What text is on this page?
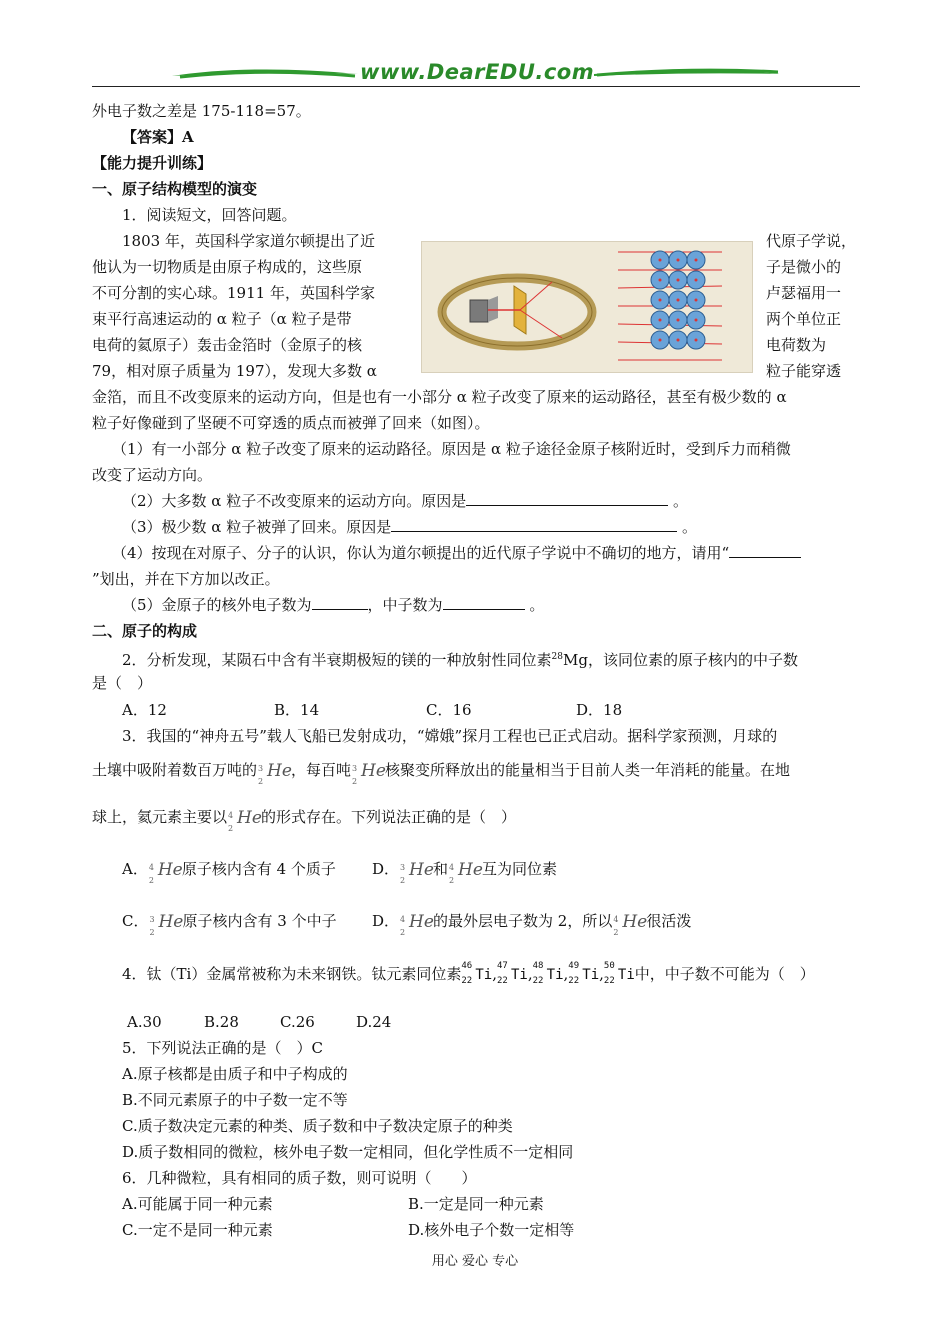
www.DearEDU.com
外电子数之差是 175-118=57。
【答案】A
【能力提升训练】
一、原子结构模型的演变
1．阅读短文，回答问题。
1803 年，英国科学家道尔顿提出了近
他认为一切物质是由原子构成的，这些原
不可分割的实心球。1911 年，英国科学家
束平行高速运动的 α 粒子（α 粒子是带
电荷的氦原子）轰击金箔时（金原子的核
79，相对原子质量为 197），发现大多数 α
代原子学说，
子是微小的
卢瑟福用一
两个单位正
电荷数为
粒子能穿透
金箔，而且不改变原来的运动方向，但是也有一小部分 α 粒子改变了原来的运动路径，甚至有极少数的 α
粒子好像碰到了坚硬不可穿透的质点而被弹了回来（如图）。
（1）有一小部分 α 粒子改变了原来的运动路径。原因是 α 粒子途径金原子核附近时，受到斥力而稍微
改变了运动方向。
（2）大多数 α 粒子不改变原来的运动方向。原因是	。
（3）极少数 α 粒子被弹了回来。原因是	。
（4）按现在对原子、分子的认识，你认为道尔顿提出的近代原子学说中不确切的地方，请用“
”划出，并在下方加以改正。
（5）金原子的核外电子数为	，中子数为	。
二、原子的构成
2．分析发现，某陨石中含有半衰期极短的镁的一种放射性同位素$^{28}$Mg，该同位素的原子核内的中子数
是（　）
A．12	B．14	C．16	D．18
3．我国的“神舟五号”载人飞船已发射成功，“嫦娥”探月工程也已正式启动。据科学家预测，月球的
土壤中吸附着数百万吨的 3
2
He ，每百吨 3
2
He 核聚变所释放出的能量相当于目前人类一年消耗的能量。在地
球上，氦元素主要以 4
2
He 的形式存在。下列说法正确的是（　）
A． 4
2
He 原子核内含有 4 个质子 D． 3
2
He 和 4
2
He 互为同位素
C． 3
2
He 原子核内含有 3 个中子 D． 4
2
He 的最外层电子数为 2，所以 4
2
He 很活泼
4．钛（Ti）金属常被称为未来钢铁。钛元素同位素 46
22 Ti, 47
22 Ti, 48
22 Ti, 49
22 Ti, 50
22 Ti中，中子数不可能为（　）
A.30	B.28	C.26	D.24
5．下列说法正确的是（　）C
A.原子核都是由质子和中子构成的
B.不同元素原子的中子数一定不等
C.质子数决定元素的种类、质子数和中子数决定原子的种类
D.质子数相同的微粒，核外电子数一定相同，但化学性质不一定相同
6．几种微粒，具有相同的质子数，则可说明（　　）
A.可能属于同一种元素	B.一定是同一种元素
C.一定不是同一种元素	D.核外电子个数一定相等
用心 爱心 专心
